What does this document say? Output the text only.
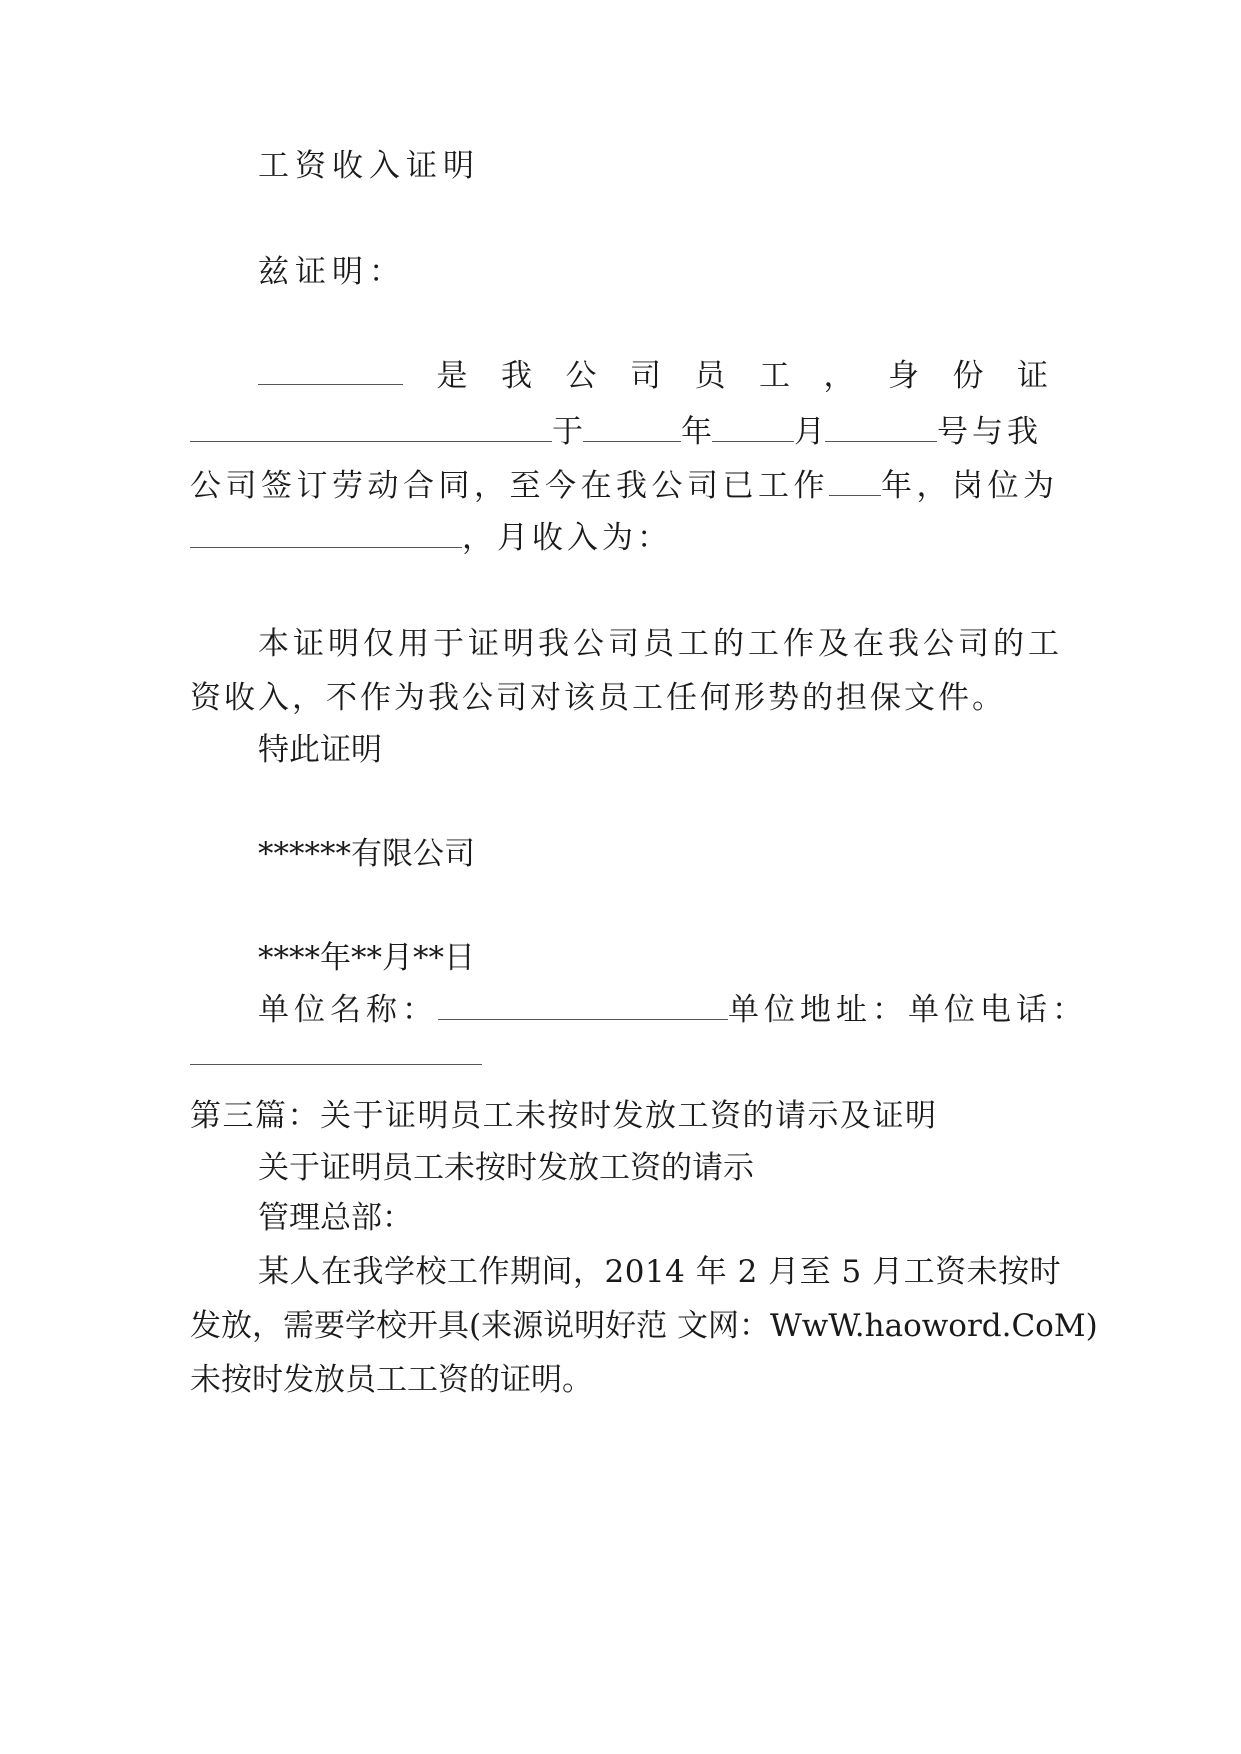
工资收入证明
兹证明：
是 我 公 司 员 工 ， 身 份 证
于	年	月	号与我
公司签订劳动合同，至今在我公司已工作 年，岗位为
，月收入为：
本证明仅用于证明我公司员工的工作及在我公司的工
资收入，不作为我公司对该员工任何形势的担保文件。
特此证明
******有限公司
****年**月**日
单位名称：	单位地址：单位电话：
第三篇：关于证明员工未按时发放工资的请示及证明
关于证明员工未按时发放工资的请示
管理总部：
某人在我学校工作期间，2014 年 2 月至 5 月工资未按时
发放，需要学校开具(来源说明好范 文网：WwW.haoword.CoM)
未按时发放员工工资的证明。
